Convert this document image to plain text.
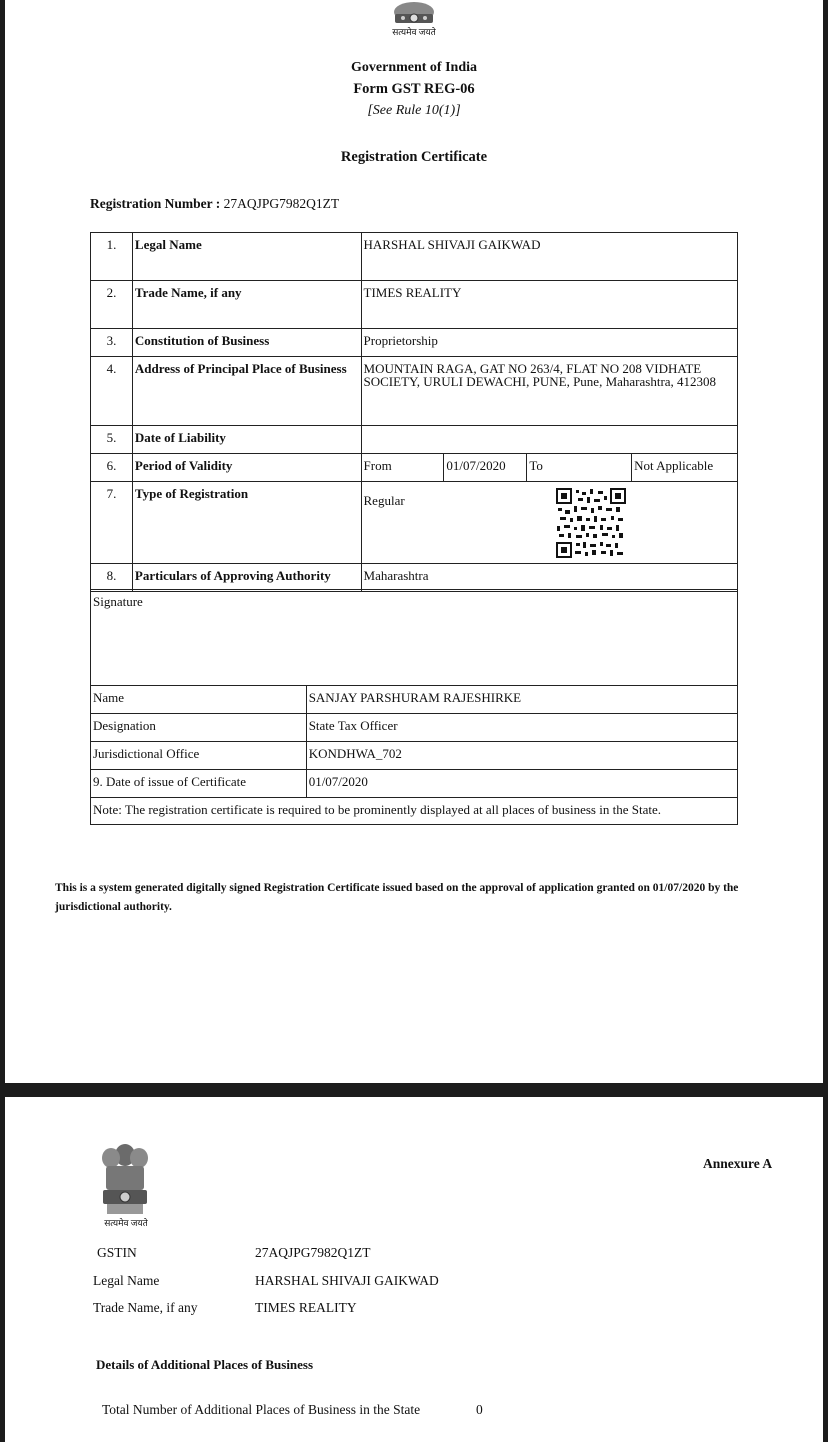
सत्यमेव जयते
Government of India
Form GST REG-06
[See Rule 10(1)]
Registration Certificate
Registration Number : 27AQJPG7982Q1ZT
1.	Legal Name	HARSHAL SHIVAJI GAIKWAD			
2.	Trade Name, if any	TIMES REALITY			
3.	Constitution of Business	Proprietorship			
4.	Address of Principal Place of Business	MOUNTAIN RAGA, GAT NO 263/4, FLAT NO 208 VIDHATE SOCIETY, URULI DEWACHI, PUNE, Pune, Maharashtra, 412308			
5.	Date of Liability				
6.	Period of Validity	From	01/07/2020	To	Not Applicable
7.	Type of Registration	Regular			

8.	Particulars of Approving Authority	Maharashtra			
Signature	
Name	SANJAY PARSHURAM RAJESHIRKE
Designation	State Tax Officer
Jurisdictional Office	KONDHWA_702
9. Date of issue of Certificate	01/07/2020
Note: The registration certificate is required to be prominently displayed at all places of business in the State.	
This is a system generated digitally signed Registration Certificate issued based on the approval of application granted on 01/07/2020 by the jurisdictional authority.
सत्यमेव जयते
Annexure A
GSTIN	27AQJPG7982Q1ZT
Legal Name	HARSHAL SHIVAJI GAIKWAD
Trade Name, if any	TIMES REALITY
Details of Additional Places of Business
Total Number of Additional Places of Business in the State	0
